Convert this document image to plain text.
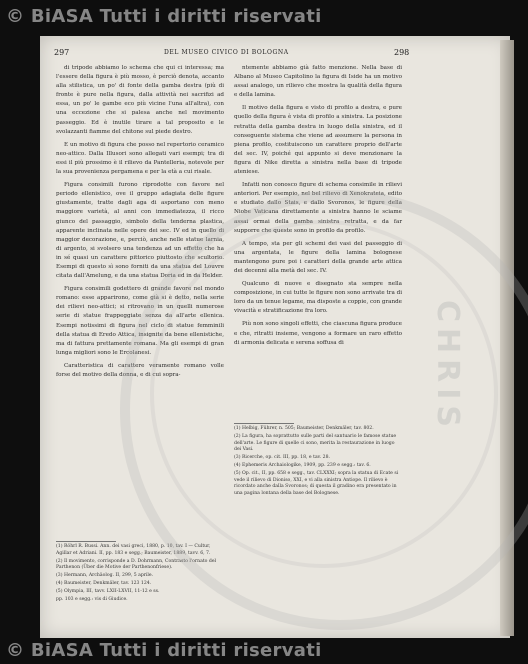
297	DEL MUSEO CIVICO DI BOLOGNA	298

di tripode abbiamo lo schema che qui ci interessa; ma l'essere della figura è più mosso, è perciò denota, accanto alla stilistica, un po' di fonte della gamba destra (più di fronte è pure nella figura, dalla attività nei sacrifizi ad essa, un po' le gambe eco più vicine l'una all'altra), con una eccezione che si palesa anche nel movimento passeggio. Ed è inutile tirare a tal proposito e le svolazzanti fiamme del chitone sul piede destro.

E un motivo di figura che posso nel repertorio ceramico neo-attico. Dalla Illusori sono allegati vari esempi; tra di essi il più prossimo è il rilievo da Pantelleria, notevole per la sua provenienza pergamena e per la età a cui risale.

Figura consimili furono riprodotte con favore nel periodo ellenistico, ove il gruppo adagiata delle figure giustamente, tratte dagli aga di asportano con meno maggiore varietà, al anni con immediatezza, il ricco giunco del passaggio, simbolo della tenderna plastica, apparente inclinata nelle opere dei sec. IV ed in quello di maggior decorazione, e, perciò, anche nelle statue larnia, di argento, si svolsero una tendenza ad un effetto che ha in sé quasi un carattere pittorico piuttosto che scultorio. Esempi di questo sì sono forniti da una statua del Louvre citata dall'Amelung, e da una statua Doria ed in da Helder.

Figura consimili godettero di grande favore nel mondo romano: esse apparirono, come già si è detto, nella serie dei rilievi neo-attici; si ritrovano in un quelli numerose serie di statue frappeggiate senza da all'arte ellenica. Esempi notissimi di figura nel ciclo di statue femminili della statua di Eredo Attica, insignite da bene ellenistiche, ma di fattura prettamente romana. Ma gli esempi di gran lunga migliori sono le Ercolanesi.

Caratteristica di carattere veramente romano volle forse del motivo della donna, e di cui sopra-

(1) Röhrl R. Bussi. Ann. dei vasi greci, 1880, p. 10, tav. I — Cultur, Agillar et Adriani. II, pp. 183 e segg.; Baumeister, 1889, tavv. 6, 7.

(2) Il movimento, corrisponde a D. Dohrmann, Contrasto l'ornato del Parthenon (Über die Motive der Parthenonfriese).

(3) Hermann, Archäolog. II, 299, 5 aprile.

(4) Baumeister, Denkmäler, tav. 123 124.

(5) Olympia, III, tavv. LXII-LXVII, 11-12 e ss.

pp. 103 e segg.: vis di Giudice.

ntemente abbiamo già fatto menzione. Nella base di Albano al Museo Capitolino la figura di Iside ha un motivo assai analogo, un rilievo che mostra la qualità della figura e della lamina.

Il motivo della figura e visto di profilo a destra, e pure quello della figura è vista di profilo a sinistra. La posizione retratta della gamba destra in luogo della sinistra, ed il conseguente sistema che viene ad assumere la persona in piena profilo, costituiscono un carattere proprio dell'arte del sec. IV, poiché qui appunto si deve menzionare la figura di Nike diretta a sinistra nella base di tripode ateniese.

Infatti non conosco figure di schema consimile in rilievi anteriori. Per esempio, nel bel rilievo di Xenokrateia, edito e studiato dallo Stais, e dallo Svoronos, le figure della Niobe Vaticana direttamente a sinistra hanno le sciame assai ormai della gamba sinistra retratta, e da far supporre che queste sono in profilo da profilo.

A tempo, sta per gli schemi dei vasi del passeggio di una argentata, le figure della lamina bolognese mantengono pure poi i caratteri della grande arte attica dei decenni alla metà del sec. IV.

Qualcuno di nuove e disegnato sta sempre nella composizione, in cui tutte le figure non sono arrivate tra di loro da un tenue legame, ma disposte a coppie, con grande vivacità e stratificazione fra loro.

Più non sono singoli effetti, che ciascuna figura produce e che, ritratti insieme, vengono a formare un raro effetto di armonia delicata e serena soffusa di

(1) Helbig, Führer, n. 505; Baumeister, Denkmäler, tav. 802.

(2) La figura, ha soprattutto sulle parti del santuario le famose statue dell'arte. Le figure di quelle ci sono, merita la restaurazione in luogo dei Vasi.

(3) Ricerche, op. cit. III, pp. 18, e tav. 28.

(4) Ephemeris Archaiologike, 1909, pp. 239 e segg.: tav. 6.

(5) Op. cit., II, pp. 658 e segg., tav. CLXXXI; sopra la statua di Ecate si vede il rilievo di Dioniso, XXI, e vi alla sinistra Antiope. Il rilievo è ricordato anche dalla Svoronos; di questa il gradino era presentato in una pagina lontana della base del Bolognese.

CHRIS
© BiASA Tutti i diritti riservati
© BiASA Tutti i diritti riservati
